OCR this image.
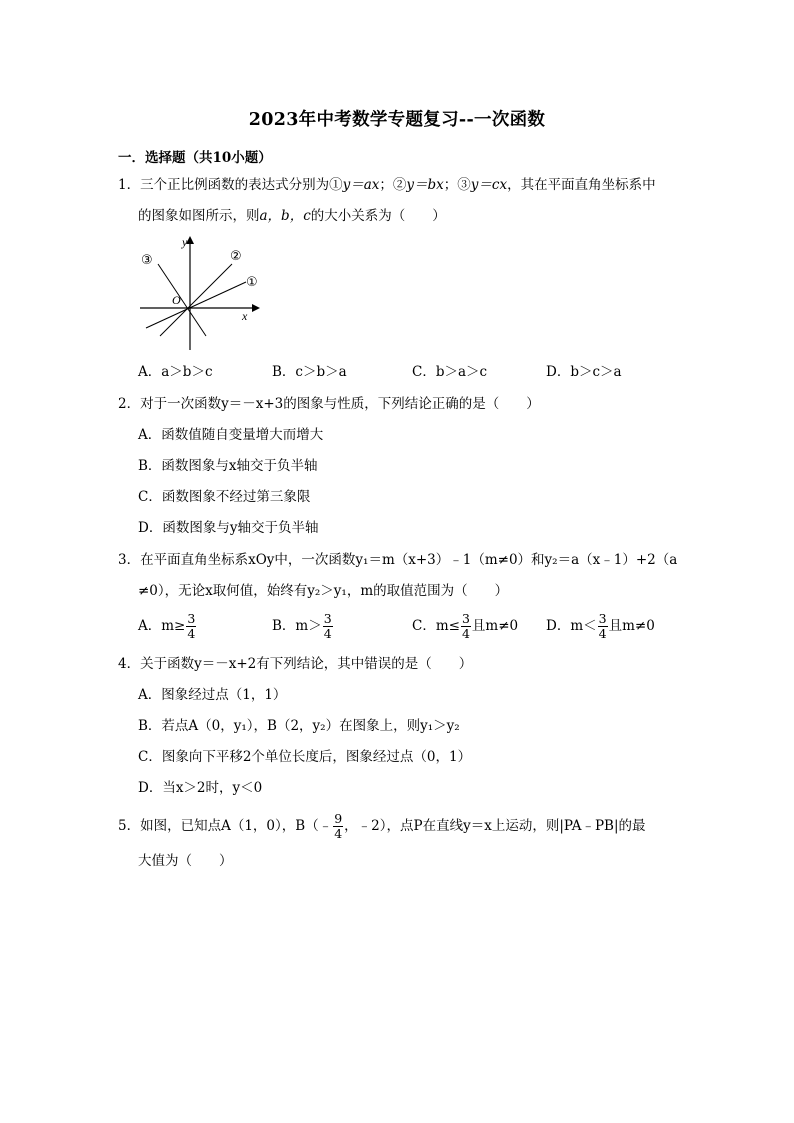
2023年中考数学专题复习--一次函数
一．选择题（共10小题）
1．三个正比例函数的表达式分别为①y＝ax；②y＝bx；③y＝cx，其在平面直角坐标系中
的图象如图所示，则a，b，c的大小关系为（　　）
y
x
O
①
②
③
A．a＞b＞c	B．c＞b＞a	C．b＞a＞c	D．b＞c＞a
2．对于一次函数y＝－x+3的图象与性质，下列结论正确的是（　　）
A．函数值随自变量增大而增大
B．函数图象与x轴交于负半轴
C．函数图象不经过第三象限
D．函数图象与y轴交于负半轴
3．在平面直角坐标系xOy中，一次函数y₁＝m（x+3）﹣1（m≠0）和y₂＝a（x﹣1）+2（a
≠0），无论x取何值，始终有y₂＞y₁，m的取值范围为（　　）
A．$m\ge \frac{3}{4}$	B．$m> \frac{3}{4}$	C．$m\le \frac{3}{4}$ 且m≠0 D．$m< \frac{3}{4}$ 且m≠0
4．关于函数y＝－x+2有下列结论，其中错误的是（　　）
A．图象经过点（1，1）
B．若点A（0，y₁），B（2，y₂）在图象上，则y₁＞y₂
C．图象向下平移2个单位长度后，图象经过点（0，1）
D．当x＞2时，y＜0
5．如图，已知点A（1，0），B（﹣ $\frac{9}{4}$ ，﹣2），点P在直线y＝x上运动，则|PA﹣PB|的最
大值为（　　）
